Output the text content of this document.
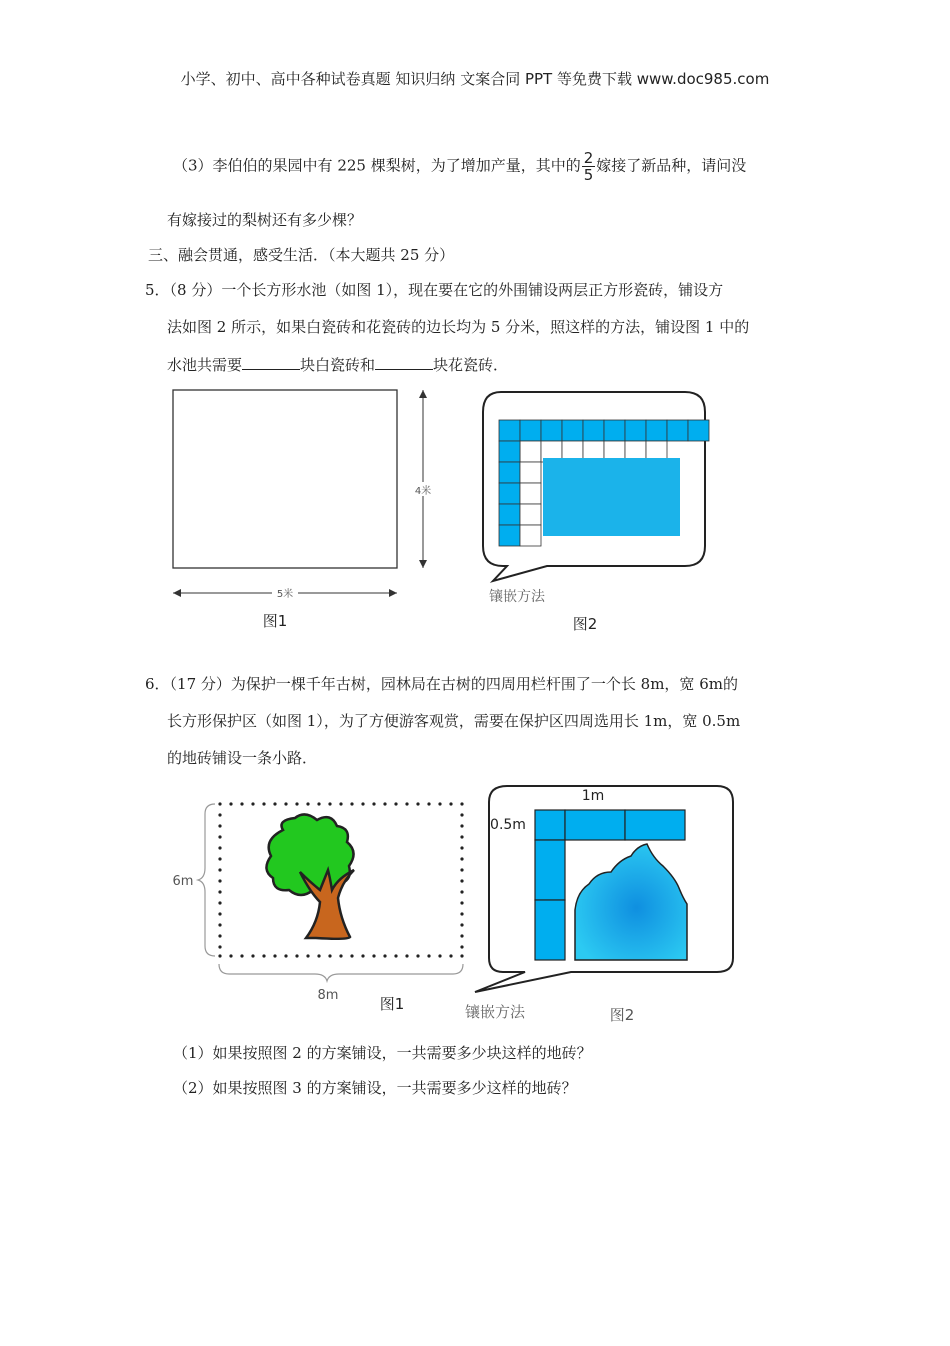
小学、初中、高中各种试卷真题 知识归纳 文案合同 PPT 等免费下载 www.doc985.com
（3）李伯伯的果园中有 225 棵梨树，为了增加产量，其中的 $\frac{2}{5}$ 嫁接了新品种，请问没
有嫁接过的梨树还有多少棵？
三、融会贯通，感受生活．（本大题共 25 分）
5．（8 分）一个长方形水池（如图 1），现在要在它的外围铺设两层正方形瓷砖，铺设方
法如图 2 所示，如果白瓷砖和花瓷砖的边长均为 5 分米，照这样的方法，铺设图 1 中的
水池共需要	块白瓷砖和	块花瓷砖．
4米
5米
图1
镶嵌方法
图2
6．（17 分）为保护一棵千年古树，园林局在古树的四周用栏杆围了一个长 8m，宽 6m的
长方形保护区（如图 1），为了方便游客观赏，需要在保护区四周选用长 1m，宽 0.5m
的地砖铺设一条小路．
6m
8m	图1
1m
0.5m
镶嵌方法	图2
（1）如果按照图 2 的方案铺设，一共需要多少块这样的地砖？
（2）如果按照图 3 的方案铺设，一共需要多少这样的地砖？
